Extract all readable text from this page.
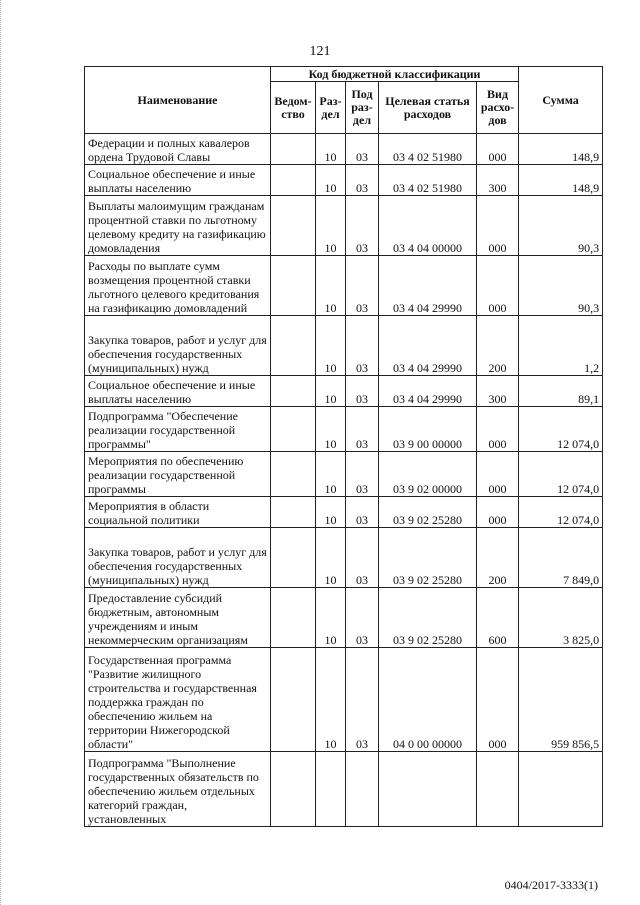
121
Наименование	Код бюджетной классификации					Сумма
	Ведом-ство	Раз-дел	Под раз-дел	Целевая статья расходов	Вид расхо-дов	
Федерации и полных кавалеров ордена Трудовой Славы		10	03	03 4 02 51980	000	148,9
Социальное обеспечение и иные выплаты населению		10	03	03 4 02 51980	300	148,9
Выплаты малоимущим гражданам процентной ставки по льготному целевому кредиту на газификацию домовладения		10	03	03 4 04 00000	000	90,3
Расходы по выплате сумм возмещения процентной ставки льготного целевого кредитования на газификацию домовладений		10	03	03 4 04 29990	000	90,3
Закупка товаров, работ и услуг для обеспечения государственных (муниципальных) нужд		10	03	03 4 04 29990	200	1,2
Социальное обеспечение и иные выплаты населению		10	03	03 4 04 29990	300	89,1
Подпрограмма "Обеспечение реализации государственной программы"		10	03	03 9 00 00000	000	12 074,0
Мероприятия по обеспечению реализации государственной программы		10	03	03 9 02 00000	000	12 074,0
Мероприятия в области социальной политики		10	03	03 9 02 25280	000	12 074,0
Закупка товаров, работ и услуг для обеспечения государственных (муниципальных) нужд		10	03	03 9 02 25280	200	7 849,0
Предоставление субсидий бюджетным, автономным учреждениям и иным некоммерческим организациям		10	03	03 9 02 25280	600	3 825,0
Государственная программа "Развитие жилищного строительства и государственная поддержка граждан по обеспечению жильем на территории Нижегородской области"		10	03	04 0 00 00000	000	959 856,5
Подпрограмма "Выполнение государственных обязательств по обеспечению жильем отдельных категорий граждан, установленных						
0404/2017-3333(1)
